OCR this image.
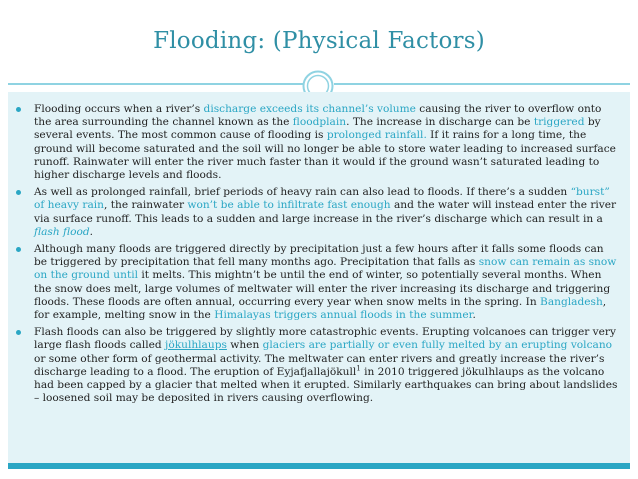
Flooding: (Physical Factors)
Flooding occurs when a river’s discharge exceeds its channel’s volume causing the river to overflow onto the area surrounding the channel known as the floodplain. The increase in discharge can be triggered by several events. The most common cause of flooding is prolonged rainfall. If it rains for a long time, the ground will become saturated and the soil will no longer be able to store water leading to increased surface runoff. Rainwater will enter the river much faster than it would if the ground wasn’t saturated leading to higher discharge levels and floods.
As well as prolonged rainfall, brief periods of heavy rain can also lead to floods. If there’s a sudden “burst” of heavy rain, the rainwater won’t be able to infiltrate fast enough and the water will instead enter the river via surface runoff. This leads to a sudden and large increase in the river’s discharge which can result in a flash flood.
Although many floods are triggered directly by precipitation just a few hours after it falls some floods can be triggered by precipitation that fell many months ago. Precipitation that falls as snow can remain as snow on the ground until it melts. This mightn’t be until the end of winter, so potentially several months. When the snow does melt, large volumes of meltwater will enter the river increasing its discharge and triggering floods. These floods are often annual, occurring every year when snow melts in the spring. In Bangladesh, for example, melting snow in the Himalayas triggers annual floods in the summer.
Flash floods can also be triggered by slightly more catastrophic events. Erupting volcanoes can trigger very large flash floods called jökulhlaups when glaciers are partially or even fully melted by an erupting volcano or some other form of geothermal activity. The meltwater can enter rivers and greatly increase the river’s discharge leading to a flood. The eruption of Eyjafjallajökull$^1$ in 2010 triggered jökulhlaups as the volcano had been capped by a glacier that melted when it erupted. Similarly earthquakes can bring about landslides – loosened soil may be deposited in rivers causing overflowing.
